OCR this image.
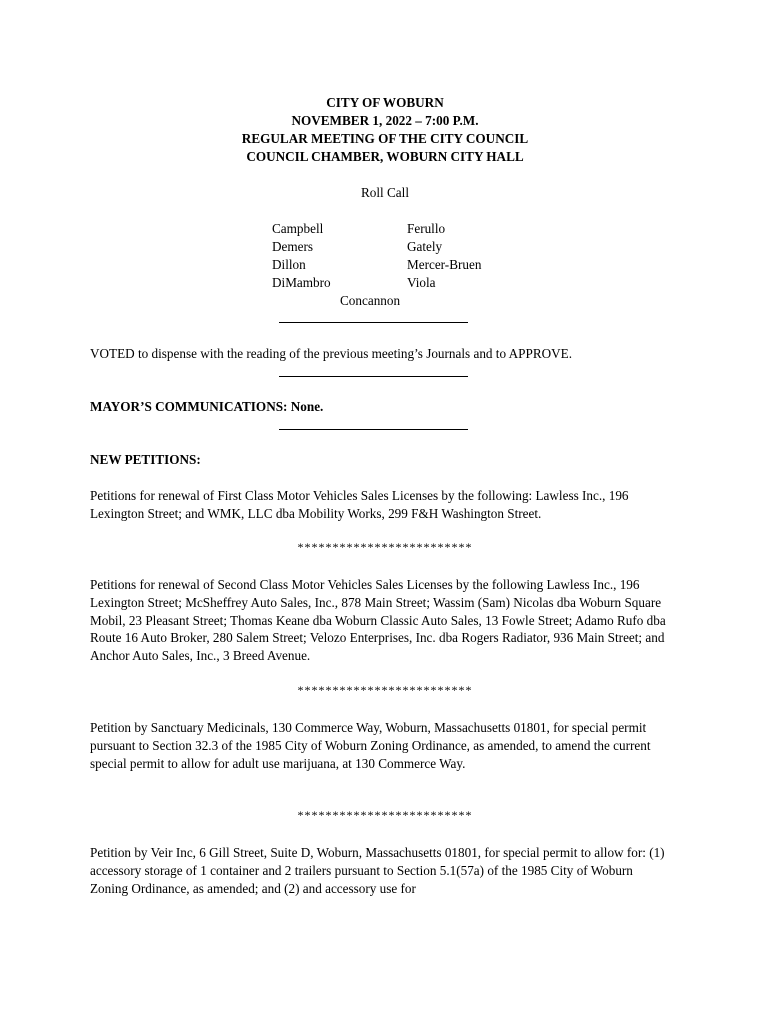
CITY OF WOBURN
NOVEMBER 1, 2022 – 7:00 P.M.
REGULAR MEETING OF THE CITY COUNCIL
COUNCIL CHAMBER, WOBURN CITY HALL
Roll Call
Campbell
Demers
Dillon
DiMambro
Ferullo
Gately
Mercer-Bruen
Viola
Concannon
VOTED to dispense with the reading of the previous meeting’s Journals and to APPROVE.
MAYOR’S COMMUNICATIONS: None.
NEW PETITIONS:
Petitions for renewal of First Class Motor Vehicles Sales Licenses by the following: Lawless Inc., 196 Lexington Street; and WMK, LLC dba Mobility Works, 299 F&H Washington Street.
*************************
Petitions for renewal of Second Class Motor Vehicles Sales Licenses by the following Lawless Inc., 196 Lexington Street; McSheffrey Auto Sales, Inc., 878 Main Street; Wassim (Sam) Nicolas dba Woburn Square Mobil, 23 Pleasant Street; Thomas Keane dba Woburn Classic Auto Sales, 13 Fowle Street; Adamo Rufo dba Route 16 Auto Broker, 280 Salem Street; Velozo Enterprises, Inc. dba Rogers Radiator, 936 Main Street; and Anchor Auto Sales, Inc., 3 Breed Avenue.
*************************
Petition by Sanctuary Medicinals, 130 Commerce Way, Woburn, Massachusetts 01801, for special permit pursuant to Section 32.3 of the 1985 City of Woburn Zoning Ordinance, as amended, to amend the current special permit to allow for adult use marijuana, at 130 Commerce Way.
*************************
Petition by Veir Inc, 6 Gill Street, Suite D, Woburn, Massachusetts 01801, for special permit to allow for: (1) accessory storage of 1 container and 2 trailers pursuant to Section 5.1(57a) of the 1985 City of Woburn Zoning Ordinance, as amended; and (2) and accessory use for
